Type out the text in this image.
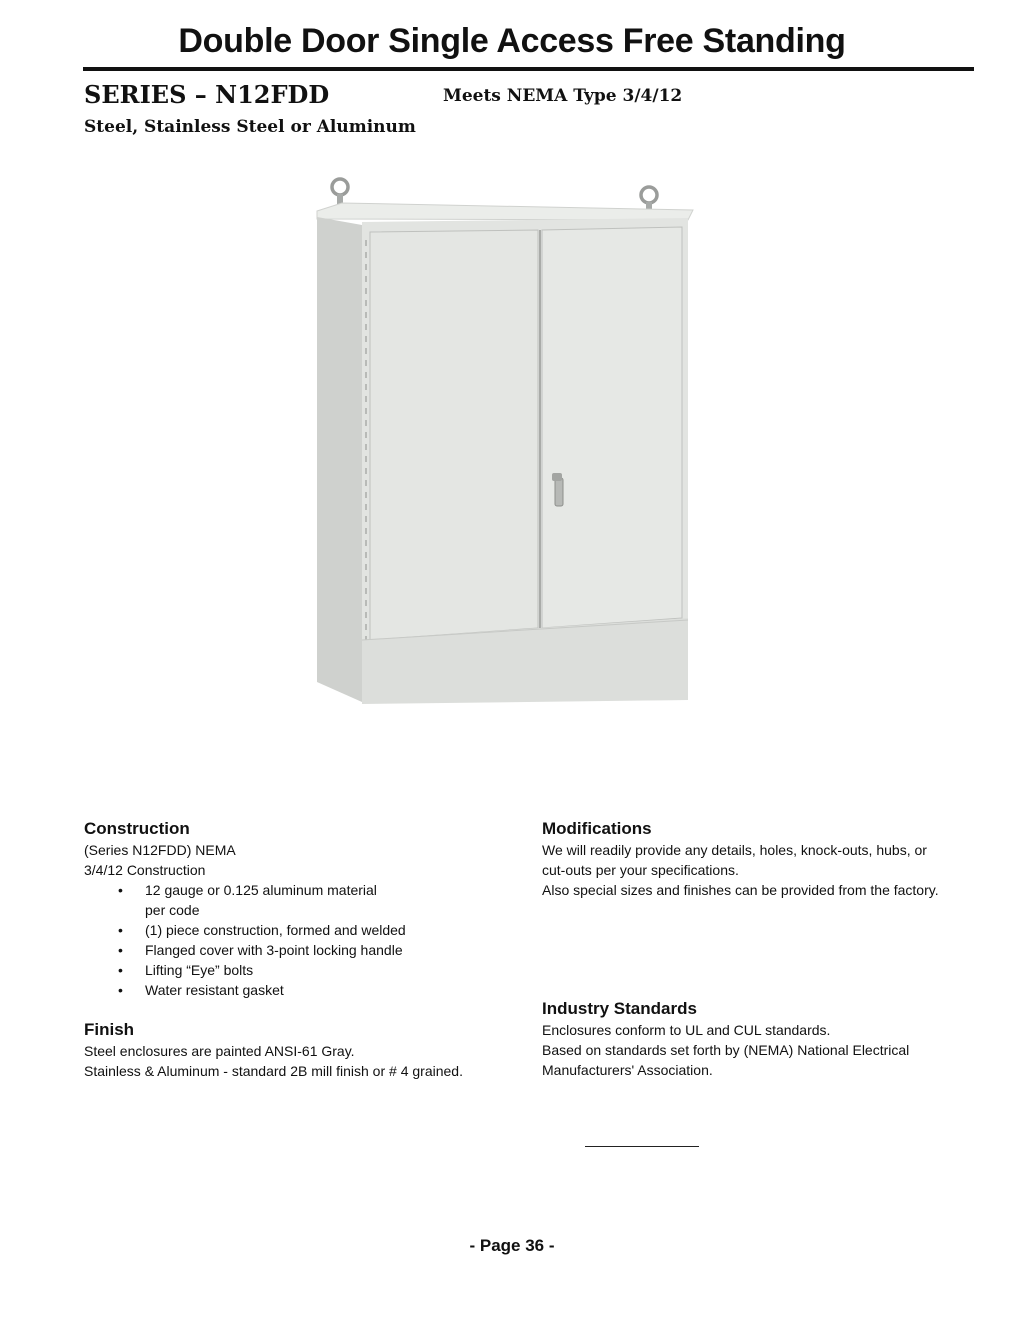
Double Door Single Access Free Standing
SERIES – N12FDD	Meets NEMA Type 3/4/12
Steel, Stainless Steel or Aluminum
Construction

(Series N12FDD) NEMA

3/4/12 Construction

• 12 gauge or 0.125 aluminum material per code
• (1) piece construction, formed and welded
• Flanged cover with 3-point locking handle
• Lifting “Eye” bolts
• Water resistant gasket
Modifications

We will readily provide any details, holes, knock-outs, hubs, or cut-outs per your specifications.

Also special sizes and finishes can be provided from the factory.

Finish

Steel enclosures are painted ANSI-61 Gray.

Stainless & Aluminum - standard 2B mill finish or # 4 grained.

Industry Standards

Enclosures conform to UL and CUL standards.

Based on standards set forth by (NEMA) National Electrical Manufacturers' Association.

- Page 36 -
